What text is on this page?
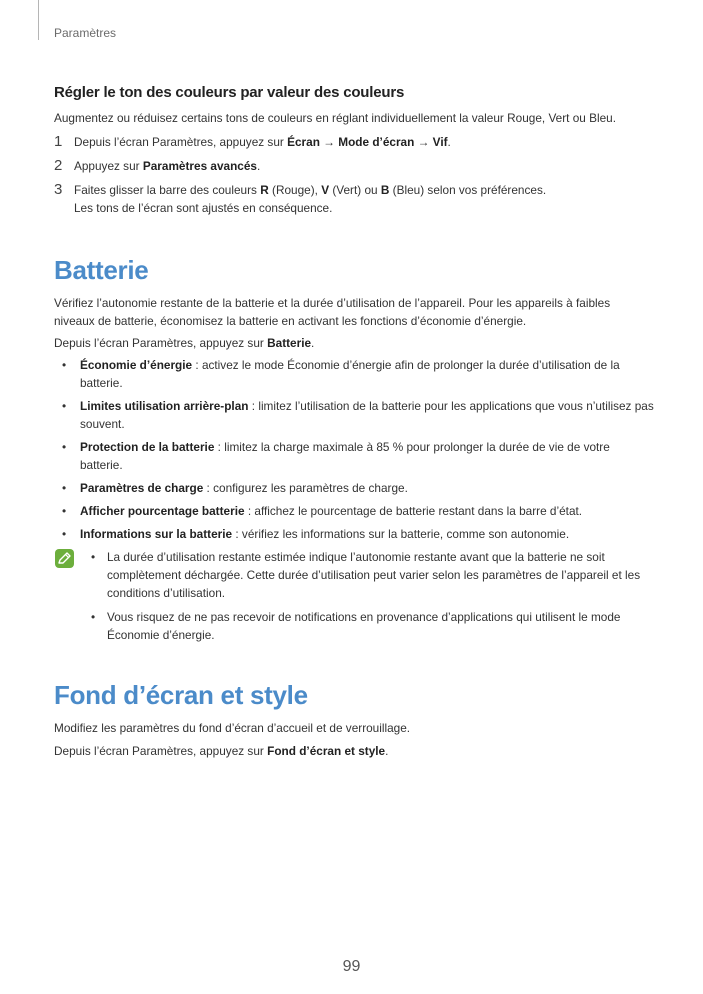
Paramètres
Régler le ton des couleurs par valeur des couleurs

Augmentez ou réduisez certains tons de couleurs en réglant individuellement la valeur Rouge, Vert ou Bleu.

1 Depuis l’écran Paramètres, appuyez sur Écran → Mode d’écran → Vif.
2 Appuyez sur Paramètres avancés.
3 Faites glisser la barre des couleurs R (Rouge), V (Vert) ou B (Bleu) selon vos préférences.
Les tons de l’écran sont ajustés en conséquence.
Batterie

Vérifiez l’autonomie restante de la batterie et la durée d’utilisation de l’appareil. Pour les appareils à faibles niveaux de batterie, économisez la batterie en activant les fonctions d’économie d’énergie.

Depuis l’écran Paramètres, appuyez sur Batterie.

• Économie d’énergie : activez le mode Économie d’énergie afin de prolonger la durée d’utilisation de la batterie.
• Limites utilisation arrière-plan : limitez l’utilisation de la batterie pour les applications que vous n’utilisez pas souvent.
• Protection de la batterie : limitez la charge maximale à 85 % pour prolonger la durée de vie de votre batterie.
• Paramètres de charge : configurez les paramètres de charge.
• Afficher pourcentage batterie : affichez le pourcentage de batterie restant dans la barre d’état.
• Informations sur la batterie : vérifiez les informations sur la batterie, comme son autonomie.
• La durée d’utilisation restante estimée indique l’autonomie restante avant que la batterie ne soit complètement déchargée. Cette durée d’utilisation peut varier selon les paramètres de l’appareil et les conditions d’utilisation.
• Vous risquez de ne pas recevoir de notifications en provenance d’applications qui utilisent le mode Économie d’énergie.
Fond d’écran et style

Modifiez les paramètres du fond d’écran d’accueil et de verrouillage.

Depuis l’écran Paramètres, appuyez sur Fond d’écran et style.

99
